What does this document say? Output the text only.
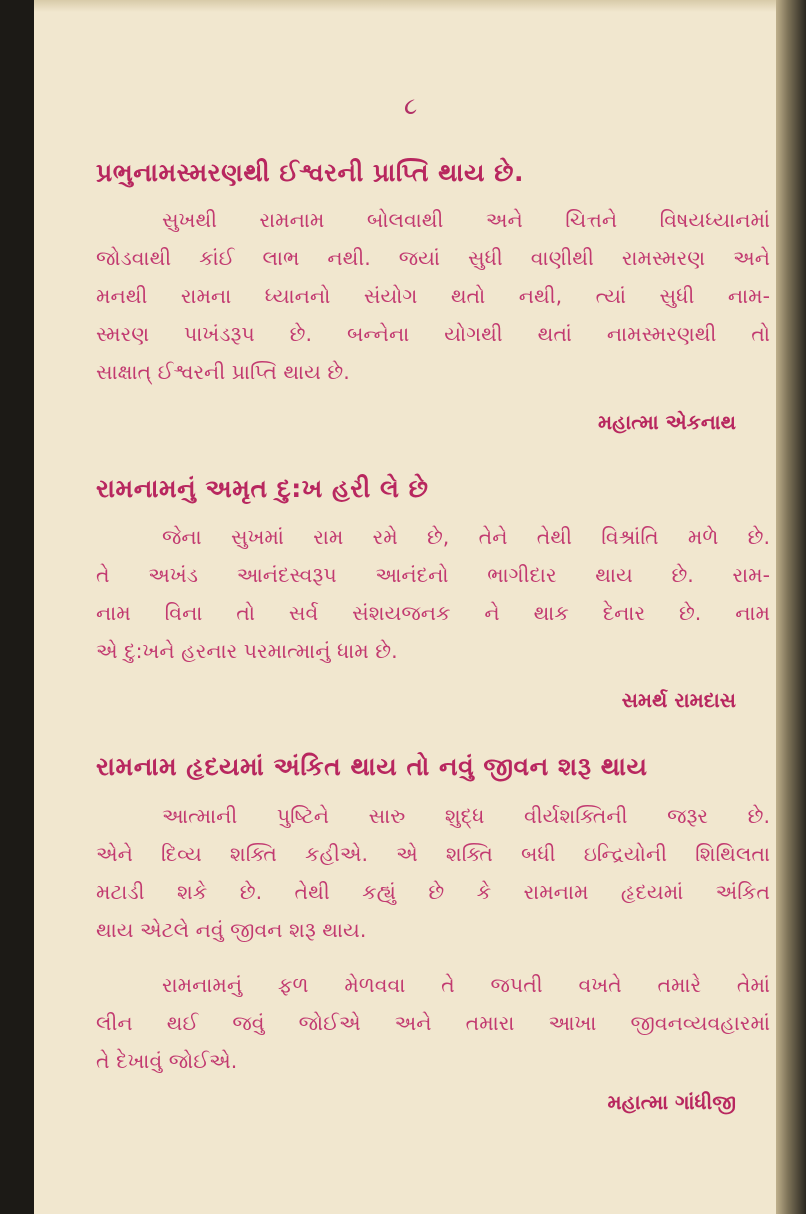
૮
પ્રભુનામસ્મરણથી ઈશ્વરની પ્રાપ્તિ થાય છે.
સુખથી રામનામ બોલવાથી અને ચિત્તને વિષયધ્યાનમાં
જોડવાથી કાંઈ લાભ નથી. જયાં સુધી વાણીથી રામસ્મરણ અને
મનથી રામના ધ્યાનનો સંયોગ થતો નથી, ત્યાં સુધી નામ-
સ્મરણ પાખંડરૂપ છે. બન્નેના યોગથી થતાં નામસ્મરણથી તો
સાક્ષાત્ ઈશ્વરની પ્રાપ્તિ થાય છે.
મહાત્મા એકનાથ
રામનામનું અમૃત દુ:ખ હરી લે છે
જેના સુખમાં રામ રમે છે, તેને તેથી વિશ્રાંતિ મળે છે.
તે અખંડ આનંદસ્વરૂપ આનંદનો ભાગીદાર થાય છે. રામ-
નામ વિના તો સર્વ સંશયજનક ને થાક દેનાર છે. નામ
એ દુ:ખને હરનાર પરમાત્માનું ધામ છે.
સમર્થ રામદાસ
રામનામ હૃદયમાં અંકિત થાય તો નવું જીવન શરૂ થાય
આત્માની પુષ્ટિને સારુ શુદ્ધ વીર્યશક્તિની જરૂર છે.
એને દિવ્ય શક્તિ કહીએ. એ શક્તિ બધી ઇન્દ્રિયોની શિથિલતા
મટાડી શકે છે. તેથી કહ્યું છે કે રામનામ હૃદયમાં અંકિત
થાય એટલે નવું જીવન શરૂ થાય.
રામનામનું ફળ મેળવવા તે જપતી વખતે તમારે તેમાં
લીન થઈ જવું જોઈએ અને તમારા આખા જીવનવ્યવહારમાં
તે દેખાવું જોઈએ.
મહાત્મા ગાંધીજી
